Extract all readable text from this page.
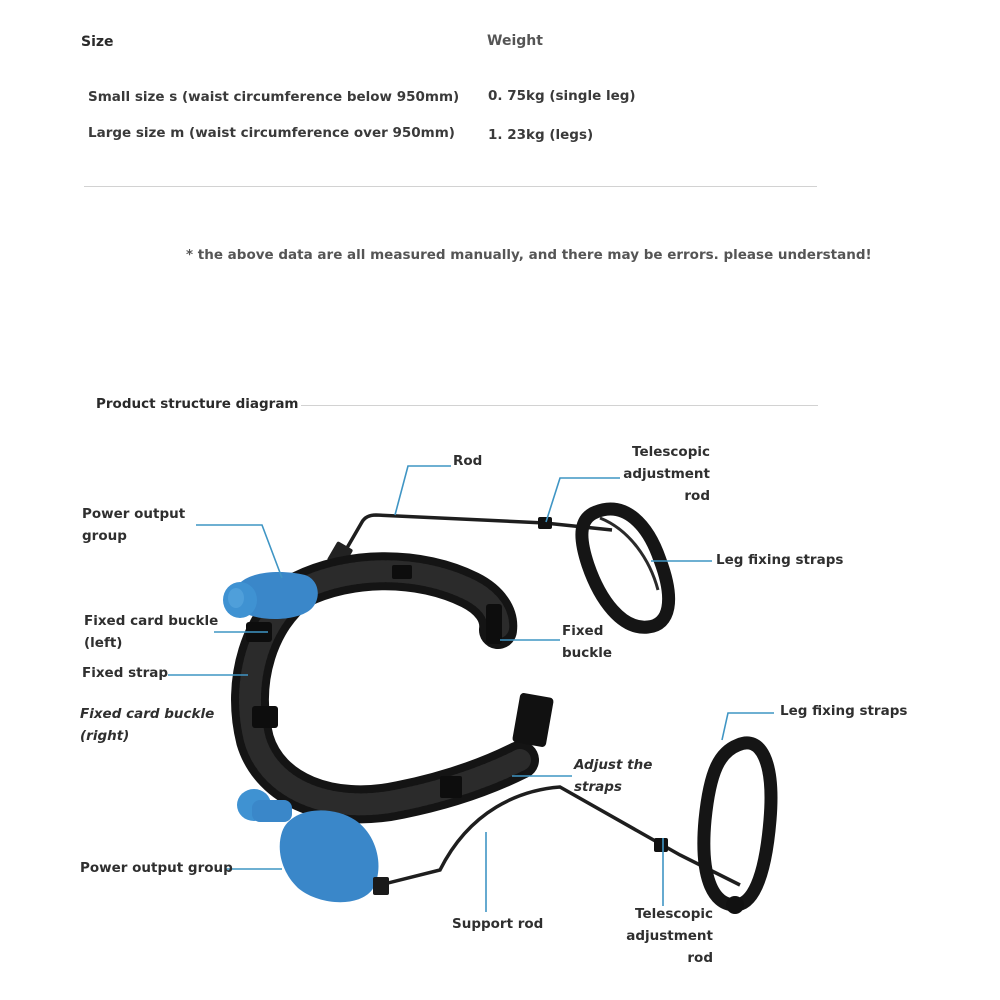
Size	Weight
Small size s (waist circumference below 950mm) 0. 75kg (single leg)
Large size m (waist circumference over 950mm) 1. 23kg (legs)
* the above data are all measured manually, and there may be errors. please understand!
Product structure diagram
Rod
Telescopic
adjustment
rod
Power output
group
Leg fixing straps
Fixed card buckle
(left)
Fixed
buckle
Fixed strap
Fixed card buckle
(right)
Leg fixing straps
Adjust the
straps
Power output group
Support rod
Telescopic
adjustment
rod
